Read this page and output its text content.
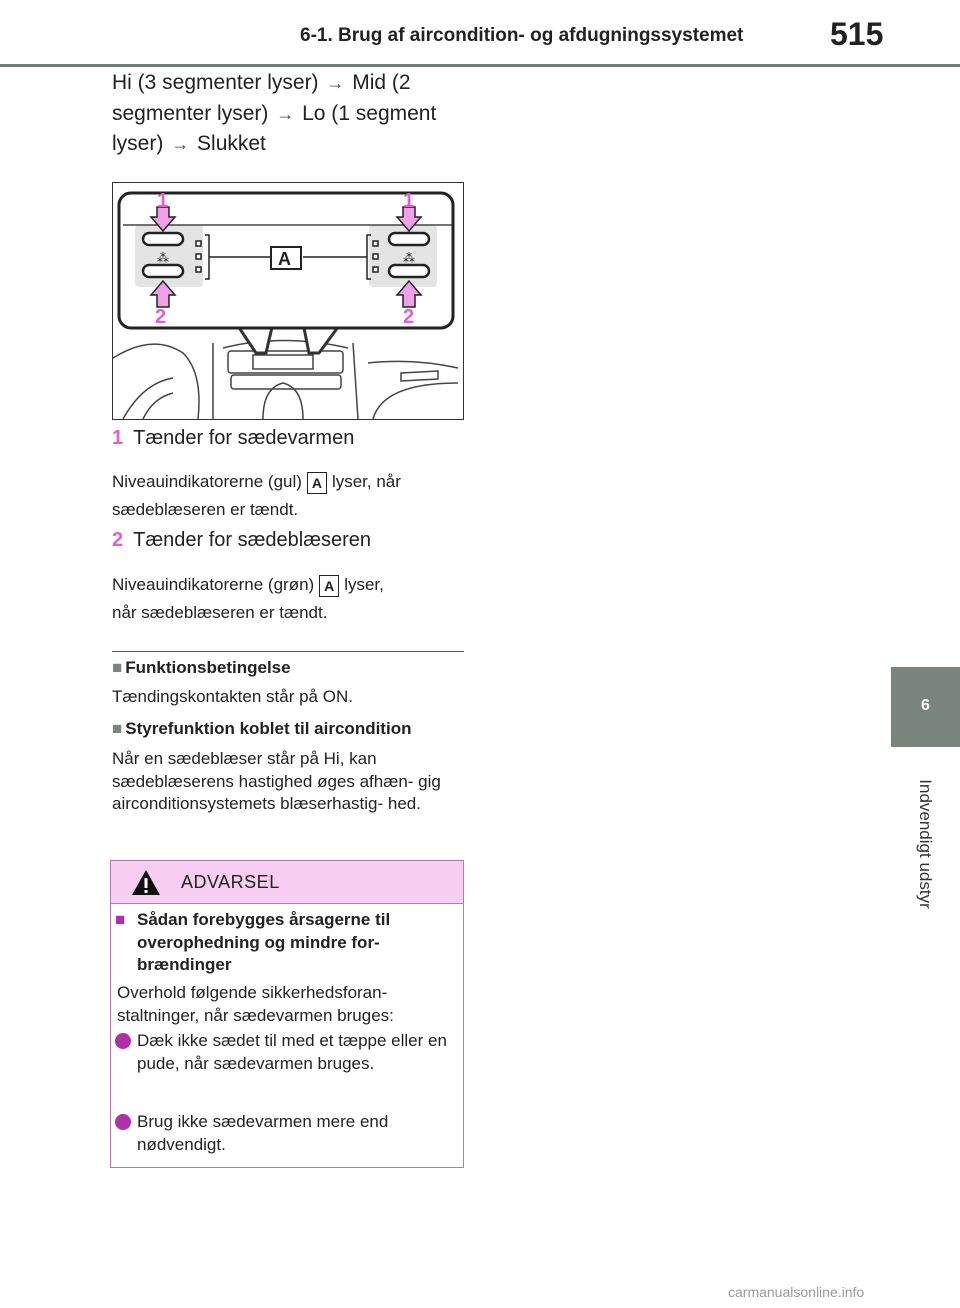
6-1. Brug af aircondition- og afdugningssystemet	515
6
Indvendigt udstyr
Hi (3 segmenter lyser) → Mid (2 segmenter lyser) → Lo (1 segment lyser) → Slukket
⁂	⁂
A
1	1
2	2
1 Tænder for sædevarmen
Niveauindikatorerne (gul) A lyser, når
sædeblæseren er tændt.
2 Tænder for sædeblæseren
Niveauindikatorerne (grøn) A lyser,
når sædeblæseren er tændt.
■ Funktionsbetingelse
Tændingskontakten står på ON.
■ Styrefunktion koblet til aircondition
Når en sædeblæser står på Hi, kan sædeblæserens hastighed øges afhæn- gig airconditionsystemets blæserhastig- hed.
ADVARSEL
■ Sådan forebygges årsagerne til overophedning og mindre for- brændinger
Overhold følgende sikkerhedsforan- staltninger, når sædevarmen bruges:
Dæk ikke sædet til med et tæppe eller en pude, når sædevarmen bruges.
Brug ikke sædevarmen mere end nødvendigt.
carmanualsonline.info
